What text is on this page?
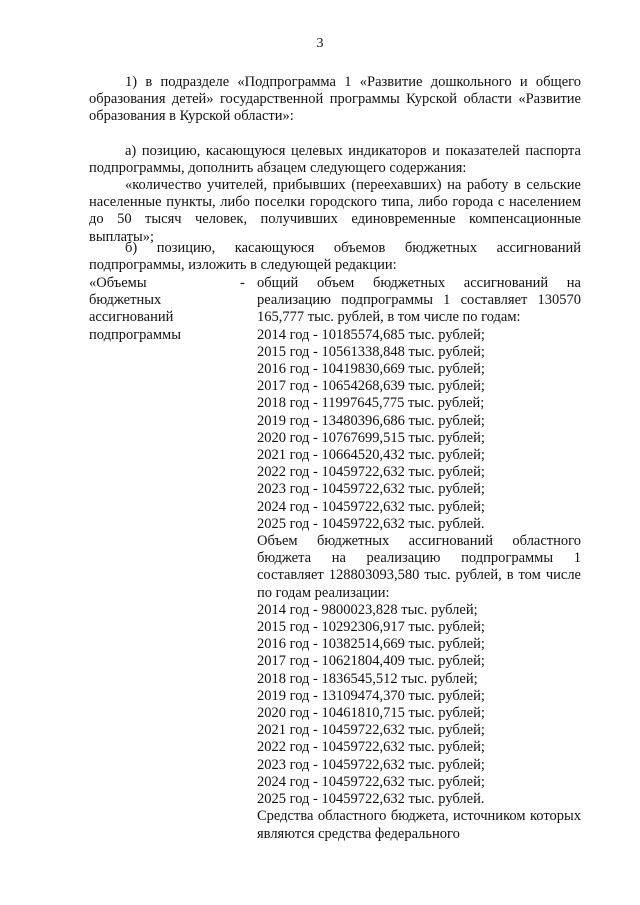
3

1) в подразделе «Подпрограмма 1 «Развитие дошкольного и общего образования детей» государственной программы Курской области «Развитие образования в Курской области»:

а) позицию, касающуюся целевых индикаторов и показателей паспорта подпрограммы, дополнить абзацем следующего содержания:

«количество учителей, прибывших (переехавших) на работу в сельские населенные пункты, либо поселки городского типа, либо города с населением до 50 тысяч человек, получивших единовременные компенсационные выплаты»;

б) позицию, касающуюся объемов бюджетных ассигнований подпрограммы, изложить в следующей редакции:

«Объемы
бюджетных
ассигнований
подпрограммы
- общий объем бюджетных ассигнований на реализацию подпрограммы 1 составляет 130570 165,777 тыс. рублей, в том числе по годам:
2014 год - 10185574,685 тыс. рублей;
2015 год - 10561338,848 тыс. рублей;
2016 год - 10419830,669 тыс. рублей;
2017 год - 10654268,639 тыс. рублей;
2018 год - 11997645,775 тыс. рублей;
2019 год - 13480396,686 тыс. рублей;
2020 год - 10767699,515 тыс. рублей;
2021 год - 10664520,432 тыс. рублей;
2022 год - 10459722,632 тыс. рублей;
2023 год - 10459722,632 тыс. рублей;
2024 год - 10459722,632 тыс. рублей;
2025 год - 10459722,632 тыс. рублей.
Объем бюджетных ассигнований областного бюджета на реализацию подпрограммы 1 составляет 128803093,580 тыс. рублей, в том числе по годам реализации:
2014 год - 9800023,828 тыс. рублей;
2015 год - 10292306,917 тыс. рублей;
2016 год - 10382514,669 тыс. рублей;
2017 год - 10621804,409 тыс. рублей;
2018 год - 1836545,512 тыс. рублей;
2019 год - 13109474,370 тыс. рублей;
2020 год - 10461810,715 тыс. рублей;
2021 год - 10459722,632 тыс. рублей;
2022 год - 10459722,632 тыс. рублей;
2023 год - 10459722,632 тыс. рублей;
2024 год - 10459722,632 тыс. рублей;
2025 год - 10459722,632 тыс. рублей.
Средства областного бюджета, источником которых являются средства федерального
